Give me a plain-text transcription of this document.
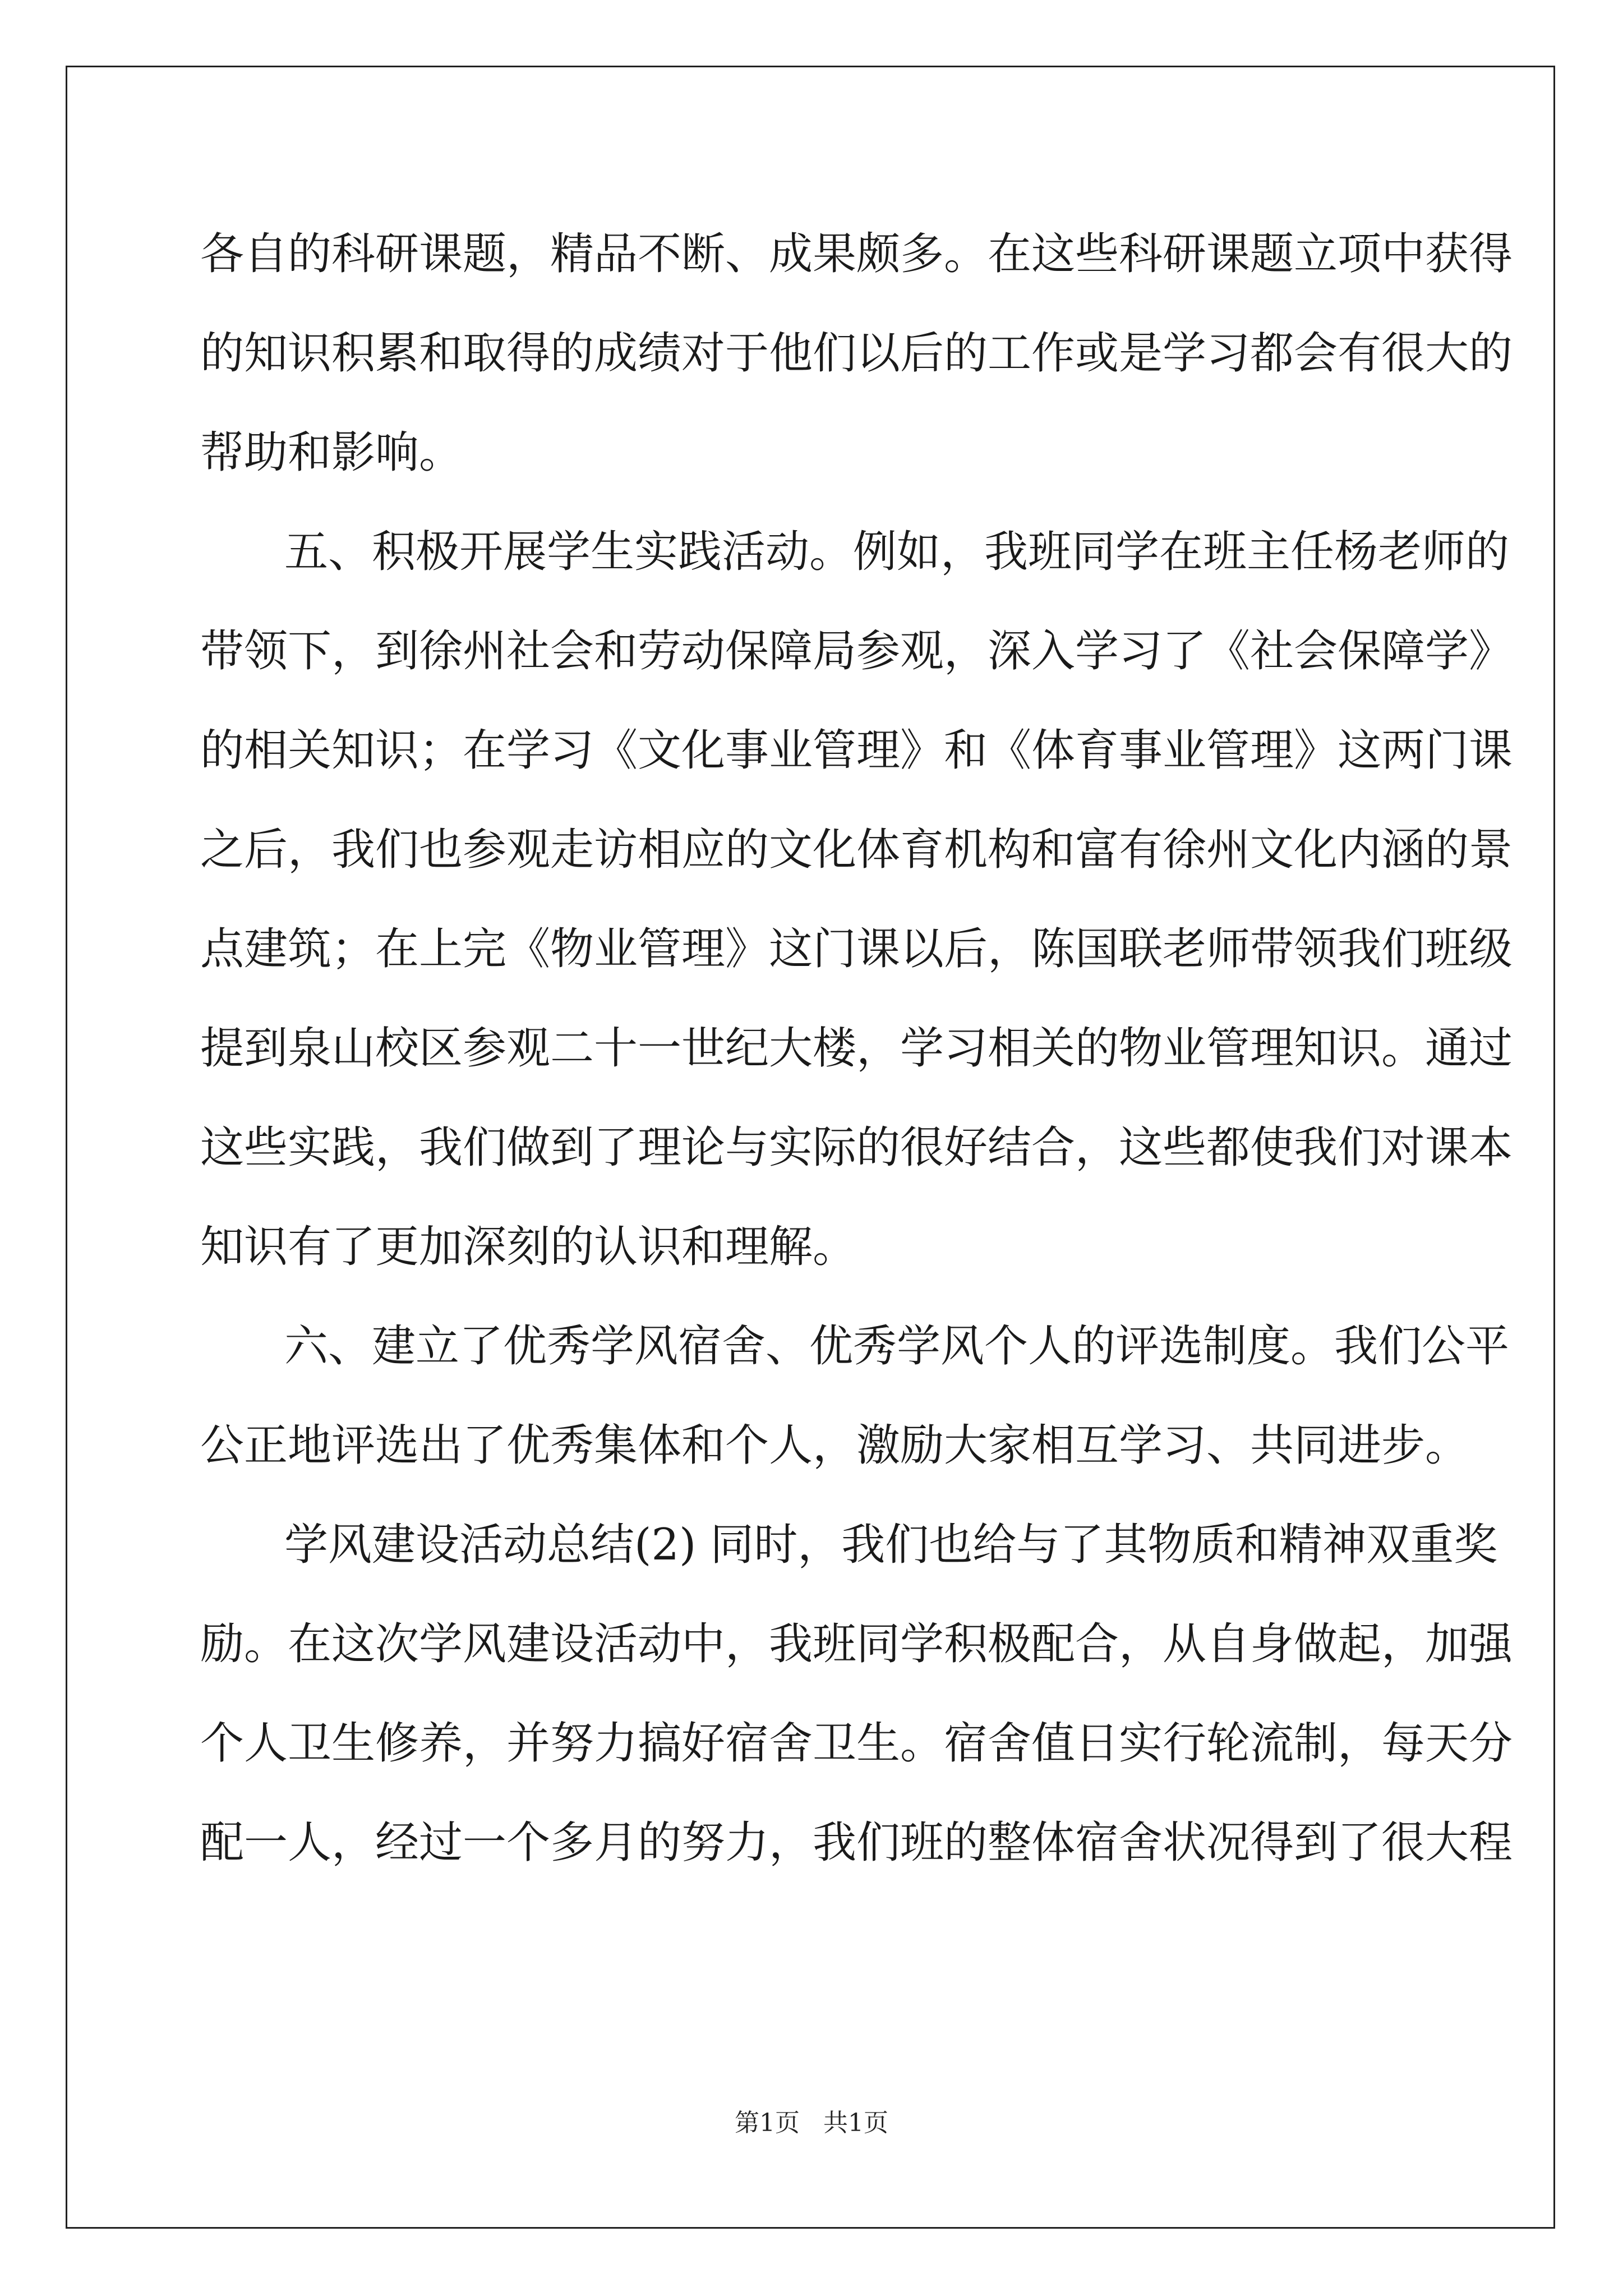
各自的科研课题，精品不断、成果颇多。在这些科研课题立项中获得
的知识积累和取得的成绩对于他们以后的工作或是学习都会有很大的
帮助和影响。
五、积极开展学生实践活动。例如，我班同学在班主任杨老师的
带领下，到徐州社会和劳动保障局参观，深入学习了《社会保障学》
的相关知识；在学习《文化事业管理》和《体育事业管理》这两门课
之后，我们也参观走访相应的文化体育机构和富有徐州文化内涵的景
点建筑；在上完《物业管理》这门课以后，陈国联老师带领我们班级
提到泉山校区参观二十一世纪大楼，学习相关的物业管理知识。通过
这些实践，我们做到了理论与实际的很好结合，这些都使我们对课本
知识有了更加深刻的认识和理解。
六、建立了优秀学风宿舍、优秀学风个人的评选制度。我们公平
公正地评选出了优秀集体和个人，激励大家相互学习、共同进步。
学风建设活动总结(2) 同时，我们也给与了其物质和精神双重奖
励。在这次学风建设活动中，我班同学积极配合，从自身做起，加强
个人卫生修养，并努力搞好宿舍卫生。宿舍值日实行轮流制，每天分
配一人，经过一个多月的努力，我们班的整体宿舍状况得到了很大程
第1页 共1页
